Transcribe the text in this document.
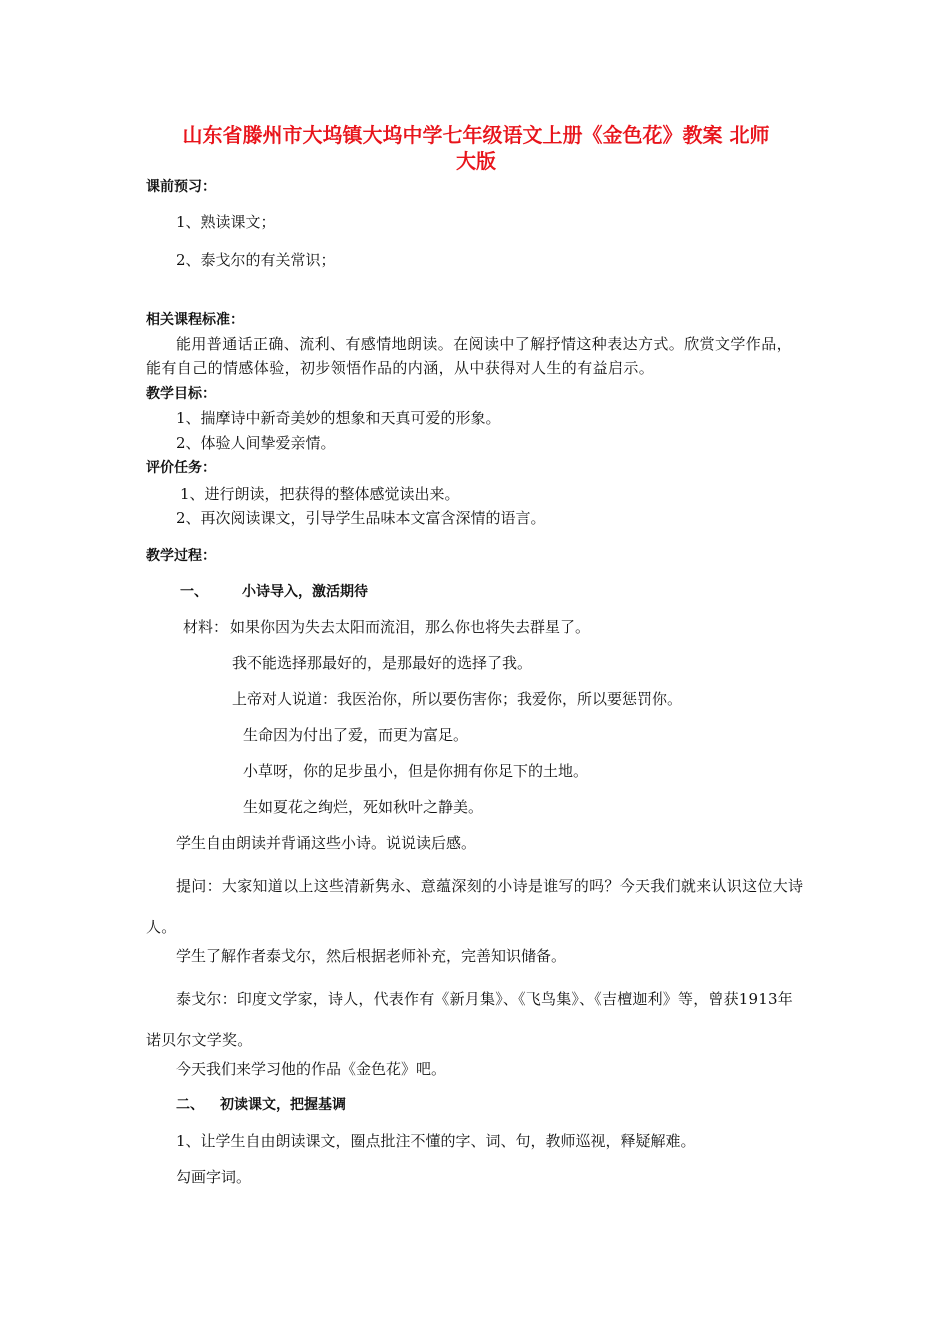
山东省滕州市大坞镇大坞中学七年级语文上册《金色花》教案 北师
大版
课前预习：
1、熟读课文；
2、泰戈尔的有关常识；
相关课程标准：
能用普通话正确、流利、有感情地朗读。在阅读中了解抒情这种表达方式。欣赏文学作品，能有自己的情感体验，初步领悟作品的内涵，从中获得对人生的有益启示。
教学目标：
1、揣摩诗中新奇美妙的想象和天真可爱的形象。
2、体验人间挚爱亲情。
评价任务：
1、进行朗读，把获得的整体感觉读出来。
2、再次阅读课文，引导学生品味本文富含深情的语言。
教学过程：
一、 小诗导入，激活期待
材料： 如果你因为失去太阳而流泪，那么你也将失去群星了。
我不能选择那最好的，是那最好的选择了我。
上帝对人说道：我医治你，所以要伤害你；我爱你，所以要惩罚你。
生命因为付出了爱，而更为富足。
小草呀，你的足步虽小，但是你拥有你足下的土地。
生如夏花之绚烂，死如秋叶之静美。
学生自由朗读并背诵这些小诗。说说读后感。
提问：大家知道以上这些清新隽永、意蕴深刻的小诗是谁写的吗？今天我们就来认识这位大诗人。
学生了解作者泰戈尔，然后根据老师补充，完善知识储备。
泰戈尔：印度文学家，诗人，代表作有《新月集》、《飞鸟集》、《吉檀迦利》等，曾获1913年诺贝尔文学奖。
今天我们来学习他的作品《金色花》吧。
二、 初读课文，把握基调
1、让学生自由朗读课文，圈点批注不懂的字、词、句，教师巡视，释疑解难。
勾画字词。
